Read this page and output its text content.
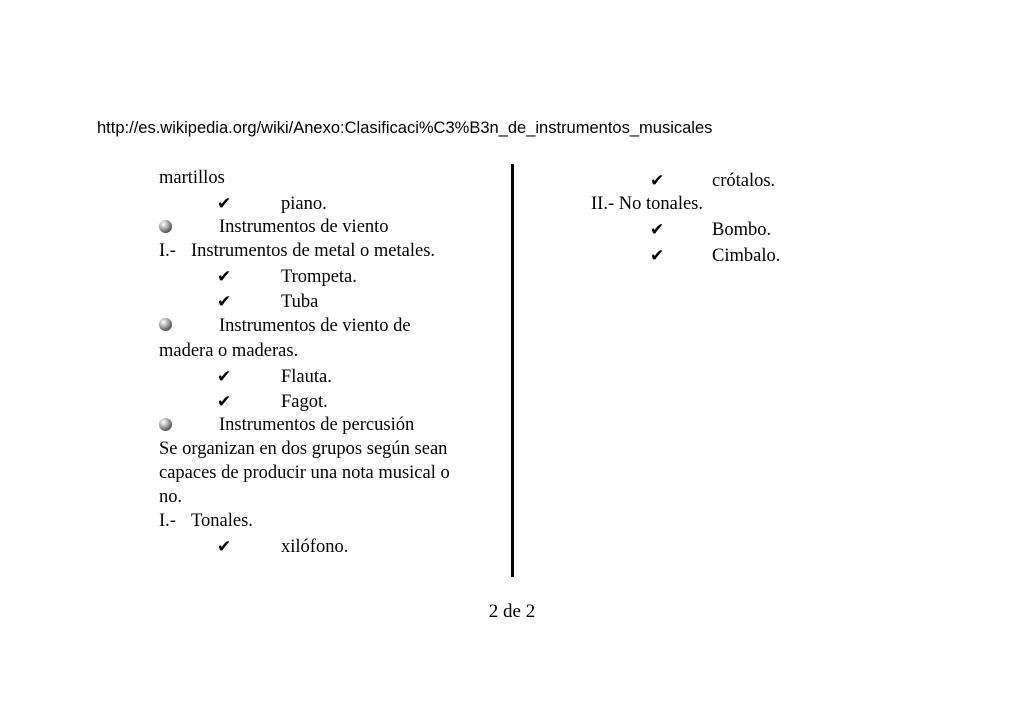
http://es.wikipedia.org/wiki/Anexo:Clasificaci%C3%B3n_de_instrumentos_musicales
martillos
✔	piano.
Instrumentos de viento
I.- Instrumentos de metal o metales.
✔	Trompeta.
✔	Tuba
Instrumentos de viento de
madera o maderas.
✔	Flauta.
✔	Fagot.
Instrumentos de percusión
Se organizan en dos grupos según sean
capaces de producir una nota musical o
no.
I.- Tonales.
✔	xilófono.
✔	crótalos.
II.- No tonales.
✔	Bombo.
✔	Cimbalo.
2 de 2
